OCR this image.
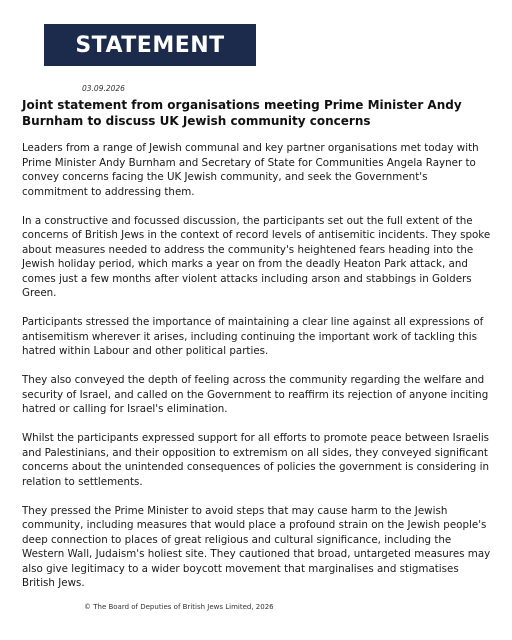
STATEMENT
03.09.2026
Joint statement from organisations meeting Prime Minister Andy Burnham to discuss UK Jewish community concerns

Leaders from a range of Jewish communal and key partner organisations met today with Prime Minister Andy Burnham and Secretary of State for Communities Angela Rayner to convey concerns facing the UK Jewish community, and seek the Government's commitment to addressing them.

In a constructive and focussed discussion, the participants set out the full extent of the concerns of British Jews in the context of record levels of antisemitic incidents. They spoke about measures needed to address the community's heightened fears heading into the Jewish holiday period, which marks a year on from the deadly Heaton Park attack, and comes just a few months after violent attacks including arson and stabbings in Golders Green.

Participants stressed the importance of maintaining a clear line against all expressions of antisemitism wherever it arises, including continuing the important work of tackling this hatred within Labour and other political parties.

They also conveyed the depth of feeling across the community regarding the welfare and security of Israel, and called on the Government to reaffirm its rejection of anyone inciting hatred or calling for Israel's elimination.

Whilst the participants expressed support for all efforts to promote peace between Israelis and Palestinians, and their opposition to extremism on all sides, they conveyed significant concerns about the unintended consequences of policies the government is considering in relation to settlements.

They pressed the Prime Minister to avoid steps that may cause harm to the Jewish community, including measures that would place a profound strain on the Jewish people's deep connection to places of great religious and cultural significance, including the Western Wall, Judaism's holiest site. They cautioned that broad, untargeted measures may also give legitimacy to a wider boycott movement that marginalises and stigmatises British Jews.

© The Board of Deputies of British Jews Limited, 2026
